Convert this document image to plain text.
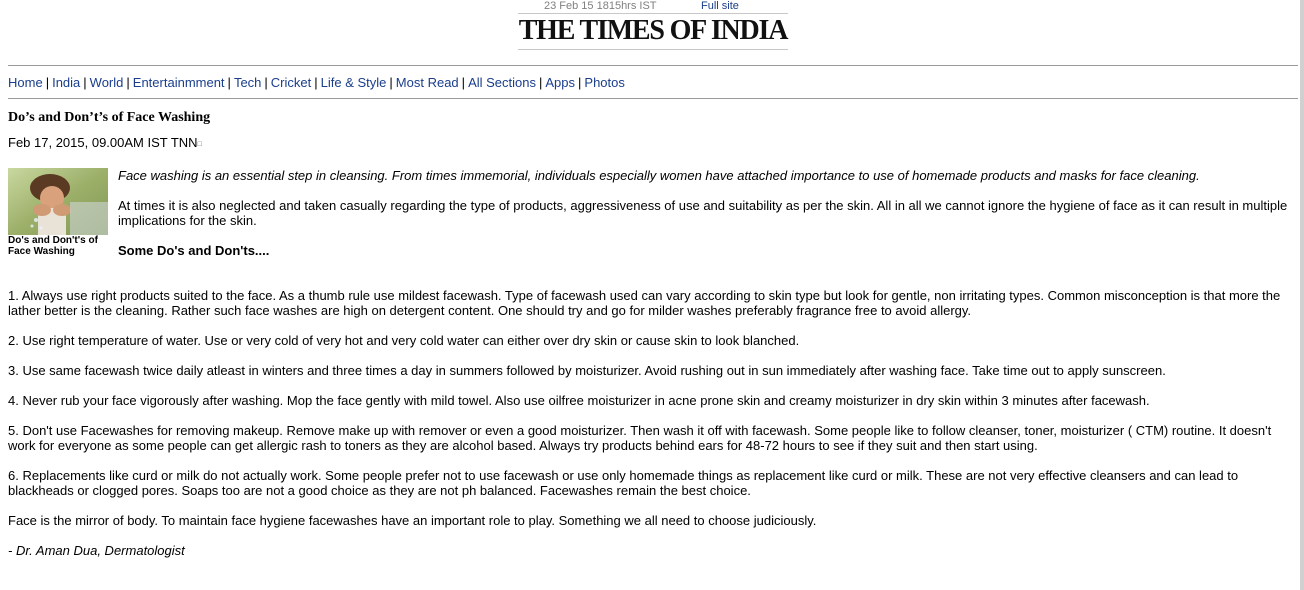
23 Feb 15 1815hrs IST	Full site
THE TIMES OF INDIA
Home | India | World | Entertainmment | Tech | Cricket | Life & Style | Most Read | All Sections | Apps | Photos
Do’s and Don’t’s of Face Washing
Feb 17, 2015, 09.00AM IST TNN□
Do's and Don't's of Face Washing
Face washing is an essential step in cleansing. From times immemorial, individuals especially women have attached importance to use of homemade products and masks for face cleaning.
At times it is also neglected and taken casually regarding the type of products, aggressiveness of use and suitability as per the skin. All in all we cannot ignore the hygiene of face as it can result in multiple implications for the skin.
Some Do's and Don'ts....
1. Always use right products suited to the face. As a thumb rule use mildest facewash. Type of facewash used can vary according to skin type but look for gentle, non irritating types. Common misconception is that more the lather better is the cleaning. Rather such face washes are high on detergent content. One should try and go for milder washes preferably fragrance free to avoid allergy.
2. Use right temperature of water. Use or very cold of very hot and very cold water can either over dry skin or cause skin to look blanched.
3. Use same facewash twice daily atleast in winters and three times a day in summers followed by moisturizer. Avoid rushing out in sun immediately after washing face. Take time out to apply sunscreen.
4. Never rub your face vigorously after washing. Mop the face gently with mild towel. Also use oilfree moisturizer in acne prone skin and creamy moisturizer in dry skin within 3 minutes after facewash.
5. Don't use Facewashes for removing makeup. Remove make up with remover or even a good moisturizer. Then wash it off with facewash. Some people like to follow cleanser, toner, moisturizer ( CTM) routine. It doesn't work for everyone as some people can get allergic rash to toners as they are alcohol based. Always try products behind ears for 48-72 hours to see if they suit and then start using.
6. Replacements like curd or milk do not actually work. Some people prefer not to use facewash or use only homemade things as replacement like curd or milk. These are not very effective cleansers and can lead to blackheads or clogged pores. Soaps too are not a good choice as they are not ph balanced. Facewashes remain the best choice.
Face is the mirror of body. To maintain face hygiene facewashes have an important role to play. Something we all need to choose judiciously.
- Dr. Aman Dua, Dermatologist
